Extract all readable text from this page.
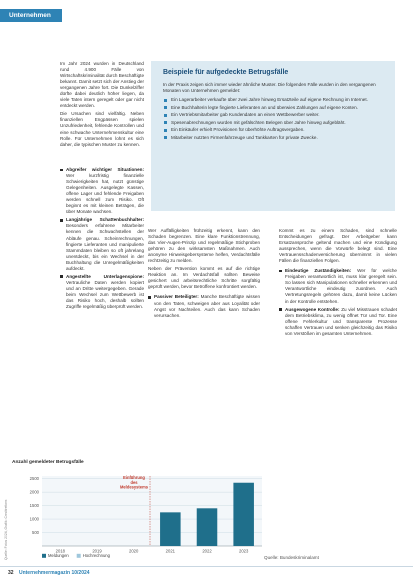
Unternehmen
Quelle: Fotos 2024, Grafik: Creditreform

Im Jahr 2024 wurden in Deutschland rund 4.900 Fälle von Wirtschaftskriminalität durch Beschäftigte bekannt. Damit setzt sich der Anstieg der vergangenen Jahre fort. Die Dunkelziffer dürfte dabei deutlich höher liegen, da viele Taten intern geregelt oder gar nicht entdeckt werden.

Die Ursachen sind vielfältig. Neben finanziellen Engpässen spielen Unzufriedenheit, fehlende Kontrollen und eine schwache Unternehmenskultur eine Rolle. Für Unternehmen lohnt es sich daher, die typischen Muster zu kennen.

Abgreifer wichtiger Situationen: Wer kurzfristig finanzielle Schwierigkeiten hat, nutzt günstige Gelegenheiten. Ausgelegte Kassen, offene Lager und fehlende Freigaben werden schnell zum Risiko. Oft beginnt es mit kleinen Beträgen, die über Monate wachsen.
Langjährige Schattenbuchhalter: Besonders erfahrene Mitarbeiter kennen die Schwachstellen der Abläufe genau. Scheinrechnungen, fingierte Lieferanten und manipulierte Stammdaten bleiben so oft jahrelang unentdeckt, bis ein Wechsel in der Buchhaltung die Unregelmäßigkeiten aufdeckt.
Angestellte Unterlagenspione: Vertrauliche Daten werden kopiert und an Dritte weitergegeben. Gerade beim Wechsel zum Wettbewerb ist das Risiko hoch, deshalb sollten Zugriffe regelmäßig überprüft werden.
Beispiele für aufgedeckte Betrugsfälle
In der Praxis zeigen sich immer wieder ähnliche Muster. Die folgenden Fälle wurden in den vergangenen Monaten von Unternehmen gemeldet:
Ein Lagerarbeiter verkaufte über zwei Jahre hinweg Ersatzteile auf eigene Rechnung im Internet.
Eine Buchhalterin legte fingierte Lieferanten an und überwies Zahlungen auf eigene Konten.
Ein Vertriebsmitarbeiter gab Kundendaten an einen Wettbewerber weiter.
Spesenabrechnungen wurden mit gefälschten Belegen über Jahre hinweg aufgebläht.
Ein Einkäufer erhielt Provisionen für überhöhte Auftragsvergaben.
Mitarbeiter nutzten Firmenfahrzeuge und Tankkarten für private Zwecke.

Wer Auffälligkeiten frühzeitig erkennt, kann den Schaden begrenzen. Eine klare Funktionstrennung, das Vier-Augen-Prinzip und regelmäßige Stichproben gehören zu den wirksamsten Maßnahmen. Auch anonyme Hinweisgebersysteme helfen, Verdachtsfälle rechtzeitig zu melden.

Neben der Prävention kommt es auf die richtige Reaktion an. Im Verdachtsfall sollten Beweise gesichert und arbeitsrechtliche Schritte sorgfältig geprüft werden, bevor Betroffene konfrontiert werden.

Passiver Beteiligter: Manche Beschäftigte wissen von den Taten, schweigen aber aus Loyalität oder Angst vor Nachteilen. Auch das kann Schaden verursachen.

Kommt es zu einem Schaden, sind schnelle Entscheidungen gefragt. Der Arbeitgeber kann Ersatzansprüche geltend machen und eine Kündigung aussprechen, wenn die Vorwürfe belegt sind. Eine Vertrauensschadenversicherung übernimmt in vielen Fällen die finanziellen Folgen.

Eindeutige Zuständigkeiten: Wer für welche Freigaben verantwortlich ist, muss klar geregelt sein. So lassen sich Manipulationen schneller erkennen und Verantwortliche eindeutig zuordnen. Auch Vertretungsregeln gehören dazu, damit keine Lücken in der Kontrolle entstehen.
Ausgewogene Kontrolle: Zu viel Misstrauen schadet dem Betriebsklima, zu wenig öffnet Tür und Tor. Eine offene Fehlerkultur und transparente Prozesse schaffen Vertrauen und senken gleichzeitig das Risiko von Verstößen im gesamten Unternehmen.
Anzahl gemeldeter Betrugsfälle
500
1000
1500
2000
2500
2018	2019	2020	2021	2022	2023
Einführung des Meldesystems
Meldungen	Hochrechnung	Quelle: Bundeskriminalamt
32 Unternehmermagazin 10/2024
